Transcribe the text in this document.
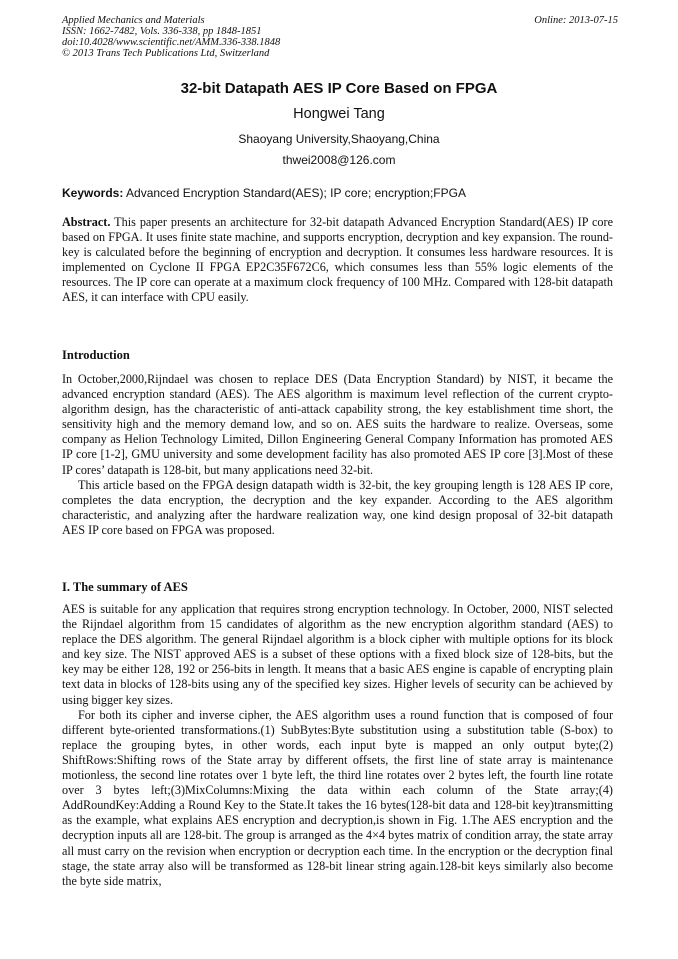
Applied Mechanics and Materials
ISSN: 1662-7482, Vols. 336-338, pp 1848-1851
doi:10.4028/www.scientific.net/AMM.336-338.1848
© 2013 Trans Tech Publications Ltd, Switzerland
Online: 2013-07-15
32-bit Datapath AES IP Core Based on FPGA
Hongwei Tang
Shaoyang University,Shaoyang,China
thwei2008@126.com
Keywords: Advanced Encryption Standard(AES); IP core; encryption;FPGA

Abstract. This paper presents an architecture for 32-bit datapath Advanced Encryption Standard(AES) IP core based on FPGA. It uses finite state machine, and supports encryption, decryption and key expansion. The round-key is calculated before the beginning of encryption and decryption. It consumes less hardware resources. It is implemented on Cyclone II FPGA EP2C35F672C6, which consumes less than 55% logic elements of the resources. The IP core can operate at a maximum clock frequency of 100 MHz. Compared with 128-bit datapath AES, it can interface with CPU easily.

Introduction

In October,2000,Rijndael was chosen to replace DES (Data Encryption Standard) by NIST, it became the advanced encryption standard (AES). The AES algorithm is maximum level reflection of the current crypto-algorithm design, has the characteristic of anti-attack capability strong, the key establishment time short, the sensitivity high and the memory demand low, and so on. AES suits the hardware to realize. Overseas, some company as Helion Technology Limited, Dillon Engineering General Company Information has promoted AES IP core [1-2], GMU university and some development facility has also promoted AES IP core [3].Most of these IP cores’ datapath is 128-bit, but many applications need 32-bit.

This article based on the FPGA design datapath width is 32-bit, the key grouping length is 128 AES IP core, completes the data encryption, the decryption and the key expander. According to the AES algorithm characteristic, and analyzing after the hardware realization way, one kind design proposal of 32-bit datapath AES IP core based on FPGA was proposed.

I. The summary of AES

AES is suitable for any application that requires strong encryption technology. In October, 2000, NIST selected the Rijndael algorithm from 15 candidates of algorithm as the new encryption algorithm standard (AES) to replace the DES algorithm. The general Rijndael algorithm is a block cipher with multiple options for its block and key size. The NIST approved AES is a subset of these options with a fixed block size of 128-bits, but the key may be either 128, 192 or 256-bits in length. It means that a basic AES engine is capable of encrypting plain text data in blocks of 128-bits using any of the specified key sizes. Higher levels of security can be achieved by using bigger key sizes.

For both its cipher and inverse cipher, the AES algorithm uses a round function that is composed of four different byte-oriented transformations.(1) SubBytes:Byte substitution using a substitution table (S-box) to replace the grouping bytes, in other words, each input byte is mapped an only output byte;(2) ShiftRows:Shifting rows of the State array by different offsets, the first line of state array is maintenance motionless, the second line rotates over 1 byte left, the third line rotates over 2 bytes left, the fourth line rotate over 3 bytes left;(3)MixColumns:Mixing the data within each column of the State array;(4) AddRoundKey:Adding a Round Key to the State.It takes the 16 bytes(128-bit data and 128-bit key)transmitting as the example, what explains AES encryption and decryption,is shown in Fig. 1.The AES encryption and the decryption inputs all are 128-bit. The group is arranged as the 4×4 bytes matrix of condition array, the state array all must carry on the revision when encryption or decryption each time. In the encryption or the decryption final stage, the state array also will be transformed as 128-bit linear string again.128-bit keys similarly also become the byte side matrix,
